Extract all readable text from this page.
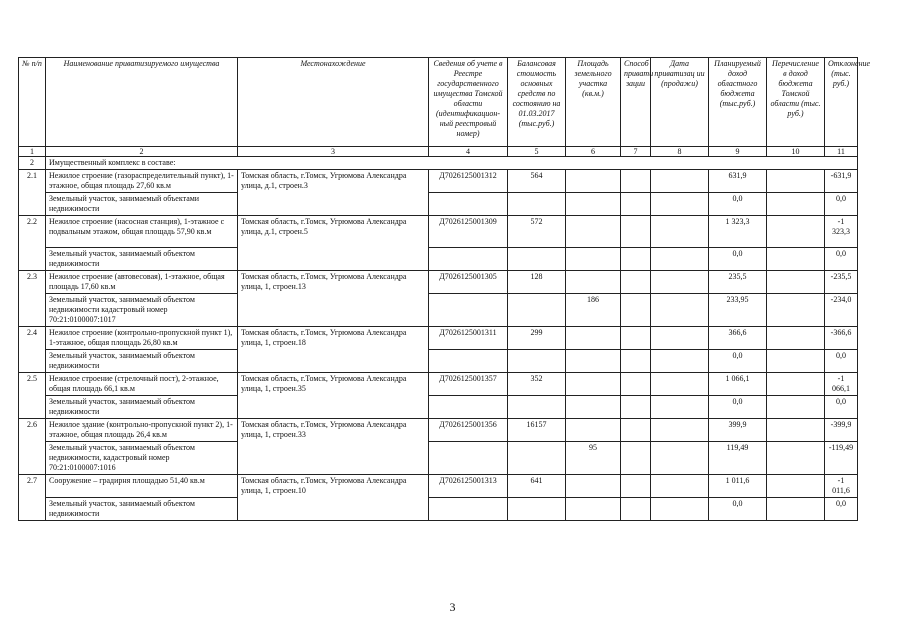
№ п/п	Наименование приватизируемого имущества	Местонахождение	Сведения об учете в Реестре государственного имущества Томской области (идентификацион-ный реестровый номер)	Балансовая стоимость основных средств по состоянию на 01.03.2017 (тыс.руб.)	Площадь земельного участка (кв.м.)	Способ привати зации	Дата приватизац ии (продажи)	Планируемый доход областного бюджета (тыс.руб.)	Перечисление в доход бюджета Томской области (тыс. руб.)	Отклонение (тыс. руб.)
1	2	3	4	5	6	7	8	9	10	11
2	Имущественный комплекс в составе:									
2.1	Нежилое строение (газораспределительный пункт), 1-этажное, общая площадь 27,60 кв.м	Томская область, г.Томск, Угрюмова Александра улица, д.1, строен.3	Д7026125001312	564				631,9		-631,9
	Земельный участок, занимаемый объектами недвижимости							0,0		0,0
2.2	Нежилое строение (насосная станция), 1-этажное с подвальным этажом, общая площадь 57,90 кв.м	Томская область, г.Томск, Угрюмова Александра улица, д.1, строен.5	Д7026125001309	572				1 323,3		-1 323,3
	Земельный участок, занимаемый объектом недвижимости							0,0		0,0
2.3	Нежилое строение (автовесовая), 1-этажное, общая площадь 17,60 кв.м	Томская область, г.Томск, Угрюмова Александра улица, 1, строен.13	Д7026125001305	128				235,5		-235,5
	Земельный участок, занимаемый объектом недвижимости кадастровый номер 70:21:0100007:1017				186			233,95		-234,0
2.4	Нежилое строение (контрольно-пропускной пункт 1), 1-этажное, общая площадь 26,80 кв.м	Томская область, г.Томск, Угрюмова Александра улица, 1, строен.18	Д7026125001311	299				366,6		-366,6
	Земельный участок, занимаемый объектом недвижимости							0,0		0,0
2.5	Нежилое строение (стрелочный пост), 2-этажное, общая площадь 66,1 кв.м	Томская область, г.Томск, Угрюмова Александра улица, 1, строен.35	Д7026125001357	352				1 066,1		-1 066,1
	Земельный участок, занимаемый объектом недвижимости							0,0		0,0
2.6	Нежилое здание (контрольно-пропускной пункт 2), 1-этажное, общая площадь 26,4 кв.м	Томская область, г.Томск, Угрюмова Александра улица, 1, строен.33	Д7026125001356	16157				399,9		-399,9
	Земельный участок, занимаемый объектом недвижимости, кадастровый номер 70:21:0100007:1016				95			119,49		-119,49
2.7	Сооружение – градирня площадью 51,40 кв.м	Томская область, г.Томск, Угрюмова Александра улица, 1, строен.10	Д7026125001313	641				1 011,6		-1 011,6
	Земельный участок, занимаемый объектом недвижимости							0,0		0,0
3
